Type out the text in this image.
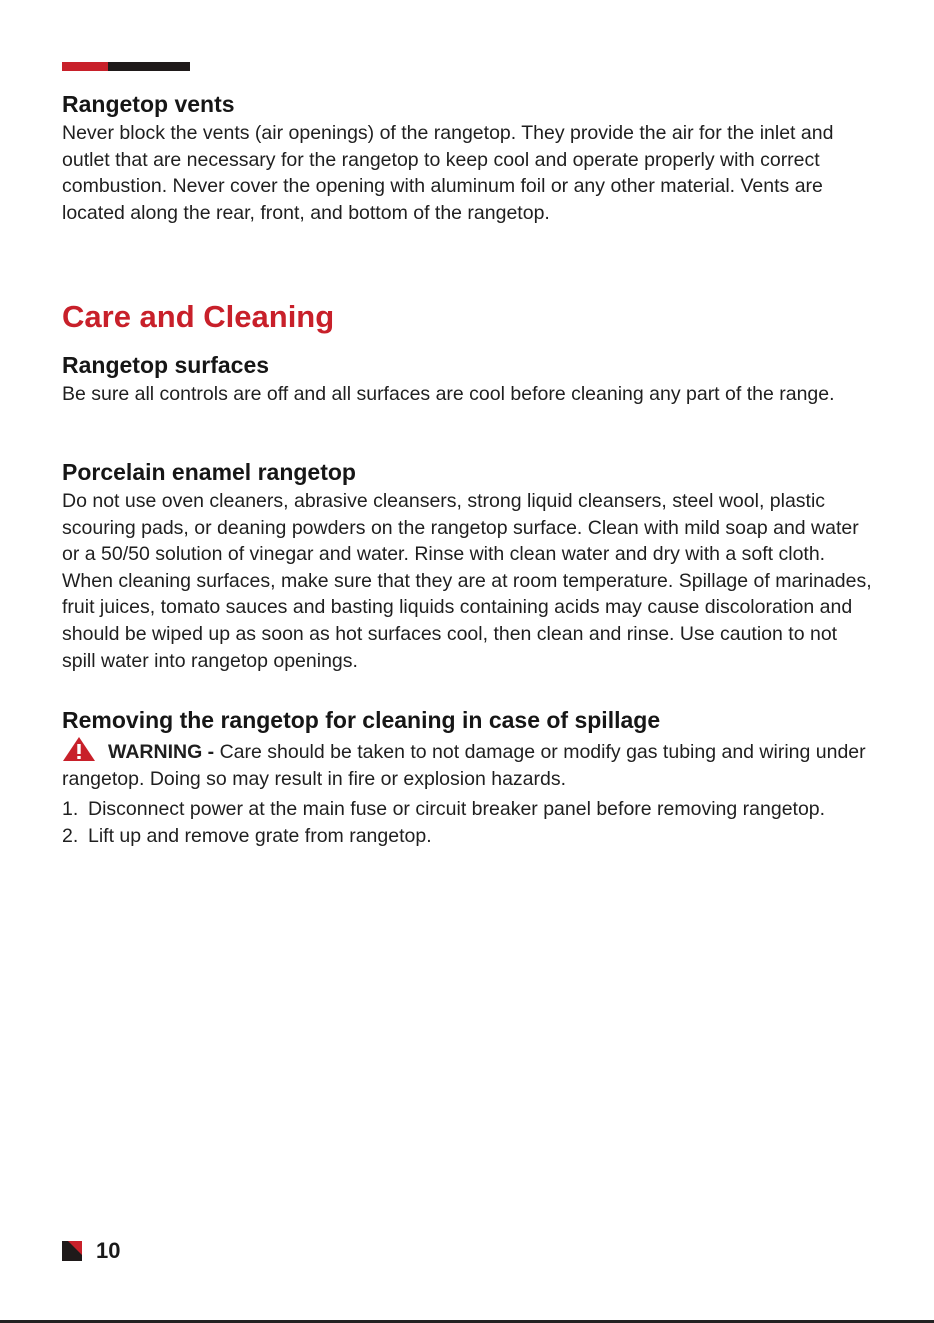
Rangetop vents

Never block the vents (air openings) of the rangetop. They provide the air for the inlet and outlet that are necessary for the rangetop to keep cool and operate properly with correct combustion. Never cover the opening with aluminum foil or any other material. Vents are located along the rear, front, and bottom of the rangetop.

Care and Cleaning
Rangetop surfaces

Be sure all controls are off and all surfaces are cool before cleaning any part of the range.

Porcelain enamel rangetop

Do not use oven cleaners, abrasive cleansers, strong liquid cleansers, steel wool, plastic scouring pads, or deaning powders on the rangetop surface. Clean with mild soap and water or a 50/50 solution of vinegar and water. Rinse with clean water and dry with a soft cloth.

When cleaning surfaces, make sure that they are at room temperature. Spillage of marinades, fruit juices, tomato sauces and basting liquids containing acids may cause discoloration and should be wiped up as soon as hot surfaces cool, then clean and rinse. Use caution to not spill water into rangetop openings.

Removing the rangetop for cleaning in case of spillage

WARNING - Care should be taken to not damage or modify gas tubing and wiring under rangetop. Doing so may result in fire or explosion hazards.

1. Disconnect power at the main fuse or circuit breaker panel before removing rangetop.
2. Lift up and remove grate from rangetop.
10
